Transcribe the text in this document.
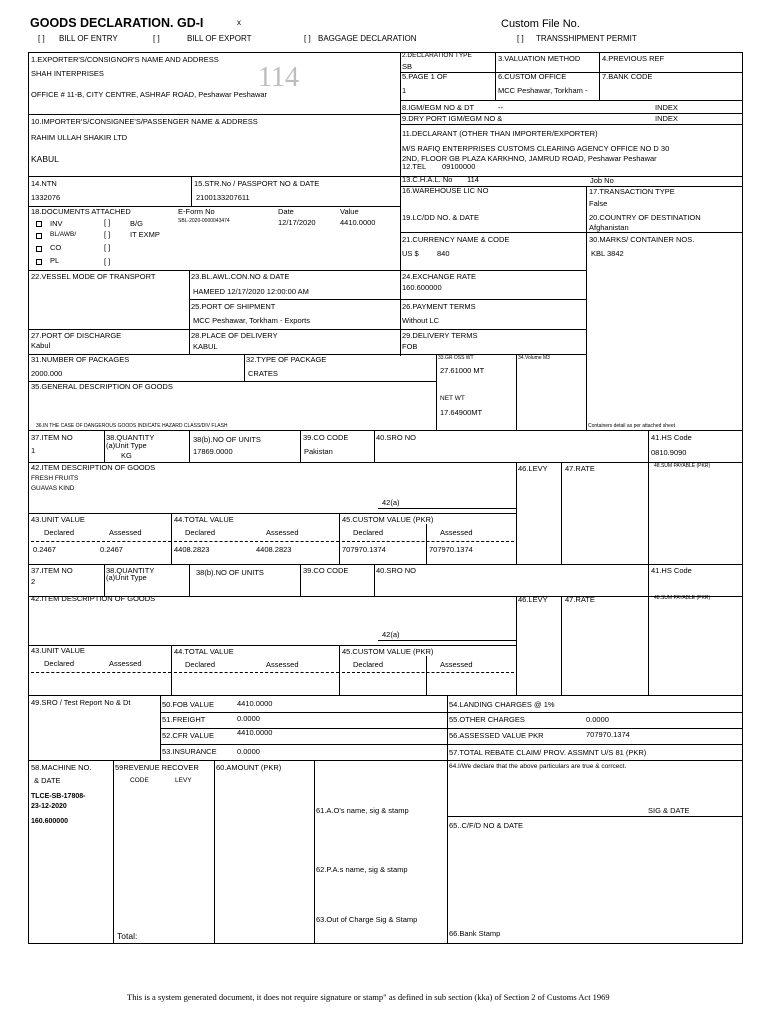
GOODS DECLARATION. GD-I	x	Custom File No.
[ ] BILL OF ENTRY	[ ]	BILL OF EXPORT	[ ] BAGGAGE DECLARATION	[ ] TRANSSHIPMENT PERMIT
114
1.EXPORTER'S/CONSIGNOR'S NAME AND ADDRESS
SHAH INTERPRISES
OFFICE # 11-B, CITY CENTRE, ASHRAF ROAD, Peshawar Peshawar
2.DECLARATION TYPE
SB
3.VALUATION METHOD	4.PREVIOUS REF
5.PAGE 1 OF
1
6.CUSTOM OFFICE
MCC Peshawar, Torkham -
7.BANK CODE
8.IGM/EGM NO & DT	--	INDEX
9.DRY PORT IGM/EGM NO &	INDEX
10.IMPORTER'S/CONSIGNEE'S/PASSENGER NAME & ADDRESS
RAHIM ULLAH SHAKIR LTD
KABUL
11.DECLARANT (OTHER THAN IMPORTER/EXPORTER)
M/S RAFIQ ENTERPRISES CUSTOMS CLEARING AGENCY OFFICE NO D 30
2ND, FLOOR GB PLAZA KARKHNO, JAMRUD ROAD, Peshawar Peshawar
12.TEL 09100000
14.NTN
1332076
15.STR.No / PASSPORT NO & DATE
2100133207611
13.C.H.A.L. No 114	Job No
16.WAREHOUSE LIC NO	17.TRANSACTION TYPE
False
18.DOCUMENTS ATTACHED	E-Form No	Date	Value
INV	[ ]	B/G	SBL-2020-0000043474	12/17/2020	4410.0000
BL/AWB/	[ ]	IT EXMP
CO	[ ]
PL	[ ]
19.LC/DD NO. & DATE	20.COUNTRY OF DESTINATION
Afghanistan
21.CURRENCY NAME & CODE
US $ 840
30.MARKS/ CONTAINER NOS.
KBL 3842
22.VESSEL MODE OF TRANSPORT	23.BL.AWL.CON.NO & DATE
HAMEED 12/17/2020 12:00:00 AM
24.EXCHANGE RATE
160.600000
25.PORT OF SHIPMENT
MCC Peshawar, Torkham - Exports
26.PAYMENT TERMS
Without LC
27.PORT OF DISCHARGE
Kabul
28.PLACE OF DELIVERY
KABUL
29.DELIVERY TERMS
FOB
31.NUMBER OF PACKAGES
2000.000
32.TYPE OF PACKAGE
CRATES
33.GR OSS WT
27.61000 MT
34.Volume M3
35.GENERAL DESCRIPTION OF GOODS
NET WT
17.64900MT
36.IN THE CASE OF DANGEROUS GOODS INDICATE HAZARD CLASS/DIV FLASH	Containers detail as per attached sheet
37.ITEM NO
1
38.QUANTITY
(a)Unit Type
KG
38(b).NO OF UNITS
17869.0000
39.CO CODE
Pakistan
40.SRO NO	41.HS Code
0810.9090
42.ITEM DESCRIPTION OF GOODS
FRESH FRUITS
GUAVAS KIND
46.LEVY 47.RATE	48.SUM PAYABLE (PKR)
42(a)
43.UNIT VALUE
Declared	Assessed
44.TOTAL VALUE
Declared	Assessed
45.CUSTOM VALUE (PKR)
Declared	Assessed
0.2467	0.2467	4408.2823	4408.2823	707970.1374	707970.1374
37.ITEM NO
2
38.QUANTITY
(a)Unit Type
38(b).NO OF UNITS	39.CO CODE	40.SRO NO	41.HS Code
42.ITEM DESCRIPTION OF GOODS	46.LEVY 47.RATE	48.SUM PAYABLE (PKR)
42(a)
43.UNIT VALUE
Declared	Assessed
44.TOTAL VALUE
Declared	Assessed
45.CUSTOM VALUE (PKR)
Declared	Assessed
49.SRO / Test Report No & Dt	50.FOB VALUE	4410.0000
51.FREIGHT	0.0000
52.CFR VALUE	4410.0000
53.INSURANCE	0.0000
54.LANDING CHARGES @ 1%
55.OTHER CHARGES	0.0000
56.ASSESSED VALUE PKR	707970.1374
57.TOTAL REBATE CLAIM/ PROV. ASSMNT U/S 81 (PKR)
58.MACHINE NO.
& DATE
TLCE-SB-17808-
23-12-2020
160.600000
59REVENUE RECOVER
CODE	LEVY
60.AMOUNT (PKR)
Total:
61.A.O's name, sig & stamp
62.P.A.s name, sig & stamp
63.Out of Charge Sig & Stamp
64.I/We declare that the above particulars are true & corrcect.
SIG & DATE
65..C/F/D NO & DATE
66.Bank Stamp
This is a system generated document, it does not require signature or stamp" as defined in sub section (kka) of Section 2 of Customs Act 1969
